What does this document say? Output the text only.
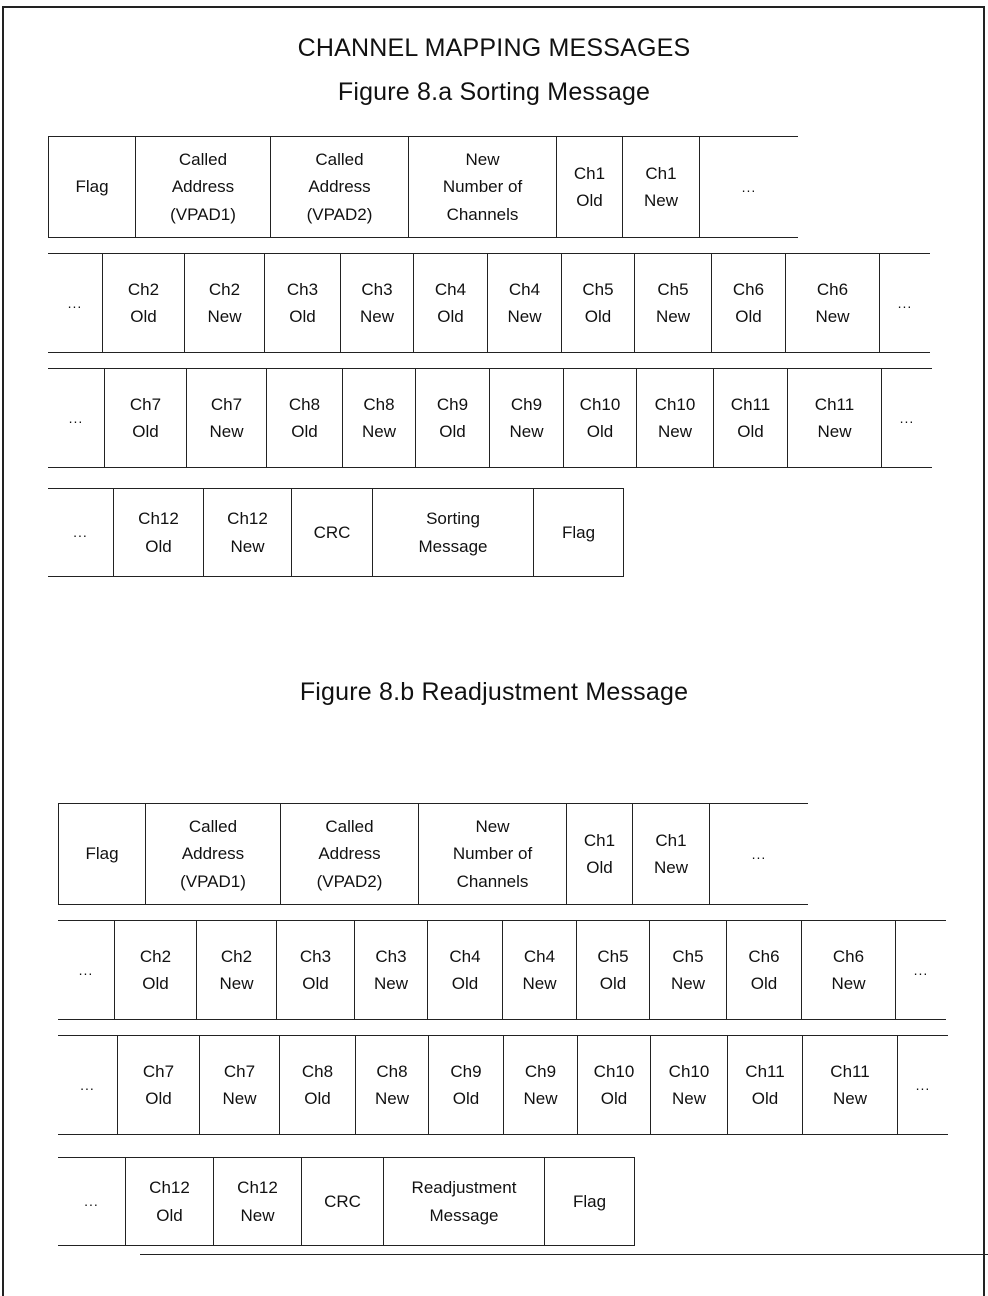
CHANNEL MAPPING MESSAGES
Figure 8.a Sorting Message
Figure 8.b Readjustment Message
Flag
Called
Address
(VPAD1)
Called
Address
(VPAD2)
New
Number of
Channels
Ch1
Old
Ch1
New
...
...
Ch2
Old
Ch2
New
Ch3
Old
Ch3
New
Ch4
Old
Ch4
New
Ch5
Old
Ch5
New
Ch6
Old
Ch6
New
...
...
Ch7
Old
Ch7
New
Ch8
Old
Ch8
New
Ch9
Old
Ch9
New
Ch10
Old
Ch10
New
Ch11
Old
Ch11
New
...
...
Ch12
Old
Ch12
New
CRC
Sorting
Message
Flag
Flag
Called
Address
(VPAD1)
Called
Address
(VPAD2)
New
Number of
Channels
Ch1
Old
Ch1
New
...
...
Ch2
Old
Ch2
New
Ch3
Old
Ch3
New
Ch4
Old
Ch4
New
Ch5
Old
Ch5
New
Ch6
Old
Ch6
New
...
...
Ch7
Old
Ch7
New
Ch8
Old
Ch8
New
Ch9
Old
Ch9
New
Ch10
Old
Ch10
New
Ch11
Old
Ch11
New
...
...
Ch12
Old
Ch12
New
CRC
Readjustment
Message
Flag
